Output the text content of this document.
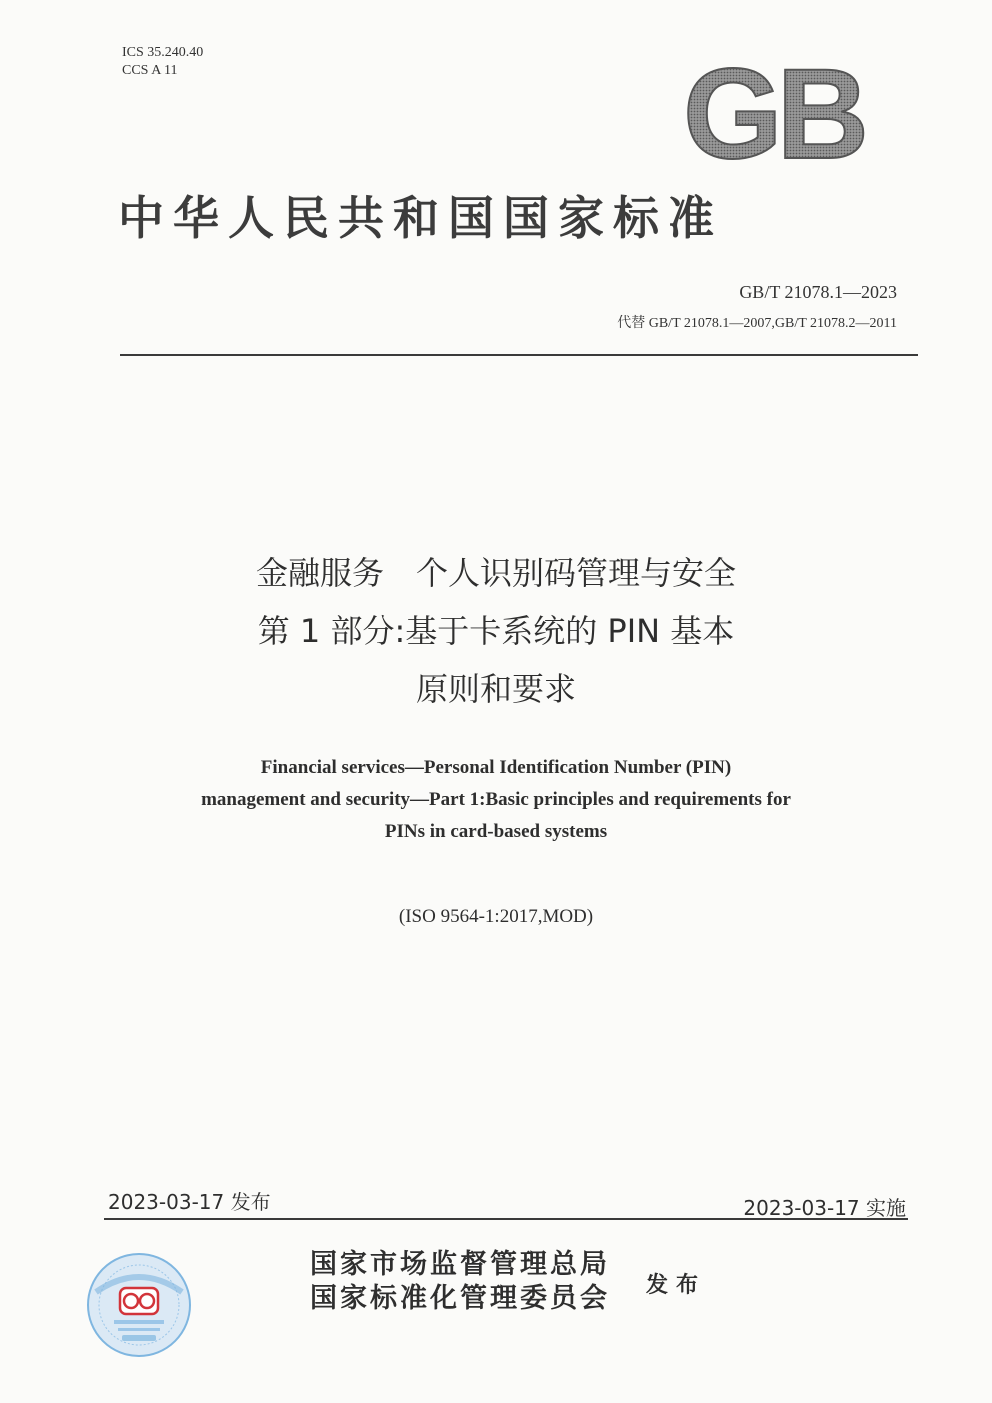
ICS 35.240.40
CCS A 11	GB
中华人民共和国国家标准
GB/T 21078.1—2023
代替 GB/T 21078.1—2007,GB/T 21078.2—2011
金融服务　个人识别码管理与安全
第 1 部分:基于卡系统的 PIN 基本
原则和要求
Financial services—Personal Identification Number (PIN)
management and security—Part 1:Basic principles and requirements for
PINs in card-based systems
(ISO 9564-1:2017,MOD)
2023-03-17 发布	2023-03-17 实施
国家市场监督管理总局
国家标准化管理委员会 发布
